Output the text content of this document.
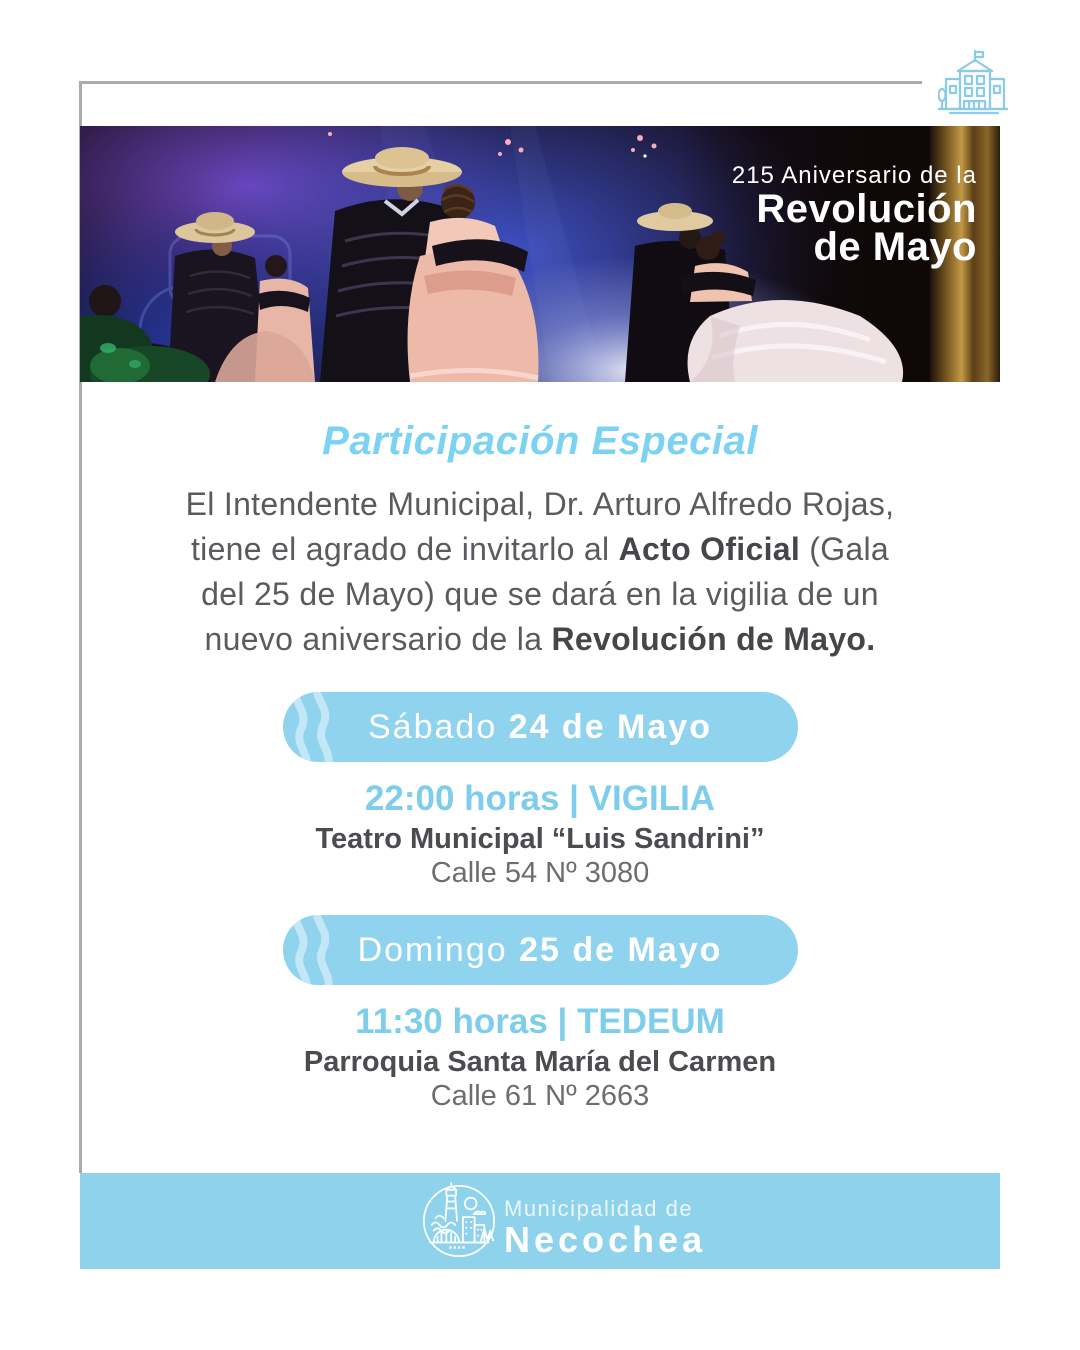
215 Aniversario de la
Revolución
de Mayo
Participación Especial

El Intendente Municipal, Dr. Arturo Alfredo Rojas,
tiene el agrado de invitarlo al Acto Oficial (Gala
del 25 de Mayo) que se dará en la vigilia de un
nuevo aniversario de la Revolución de Mayo.

Sábado 24 de Mayo
22:00 horas | VIGILIA
Teatro Municipal “Luis Sandrini”
Calle 54 Nº 3080
Domingo 25 de Mayo
11:30 horas | TEDEUM
Parroquia Santa María del Carmen
Calle 61 Nº 2663
Municipalidad de
Necochea
